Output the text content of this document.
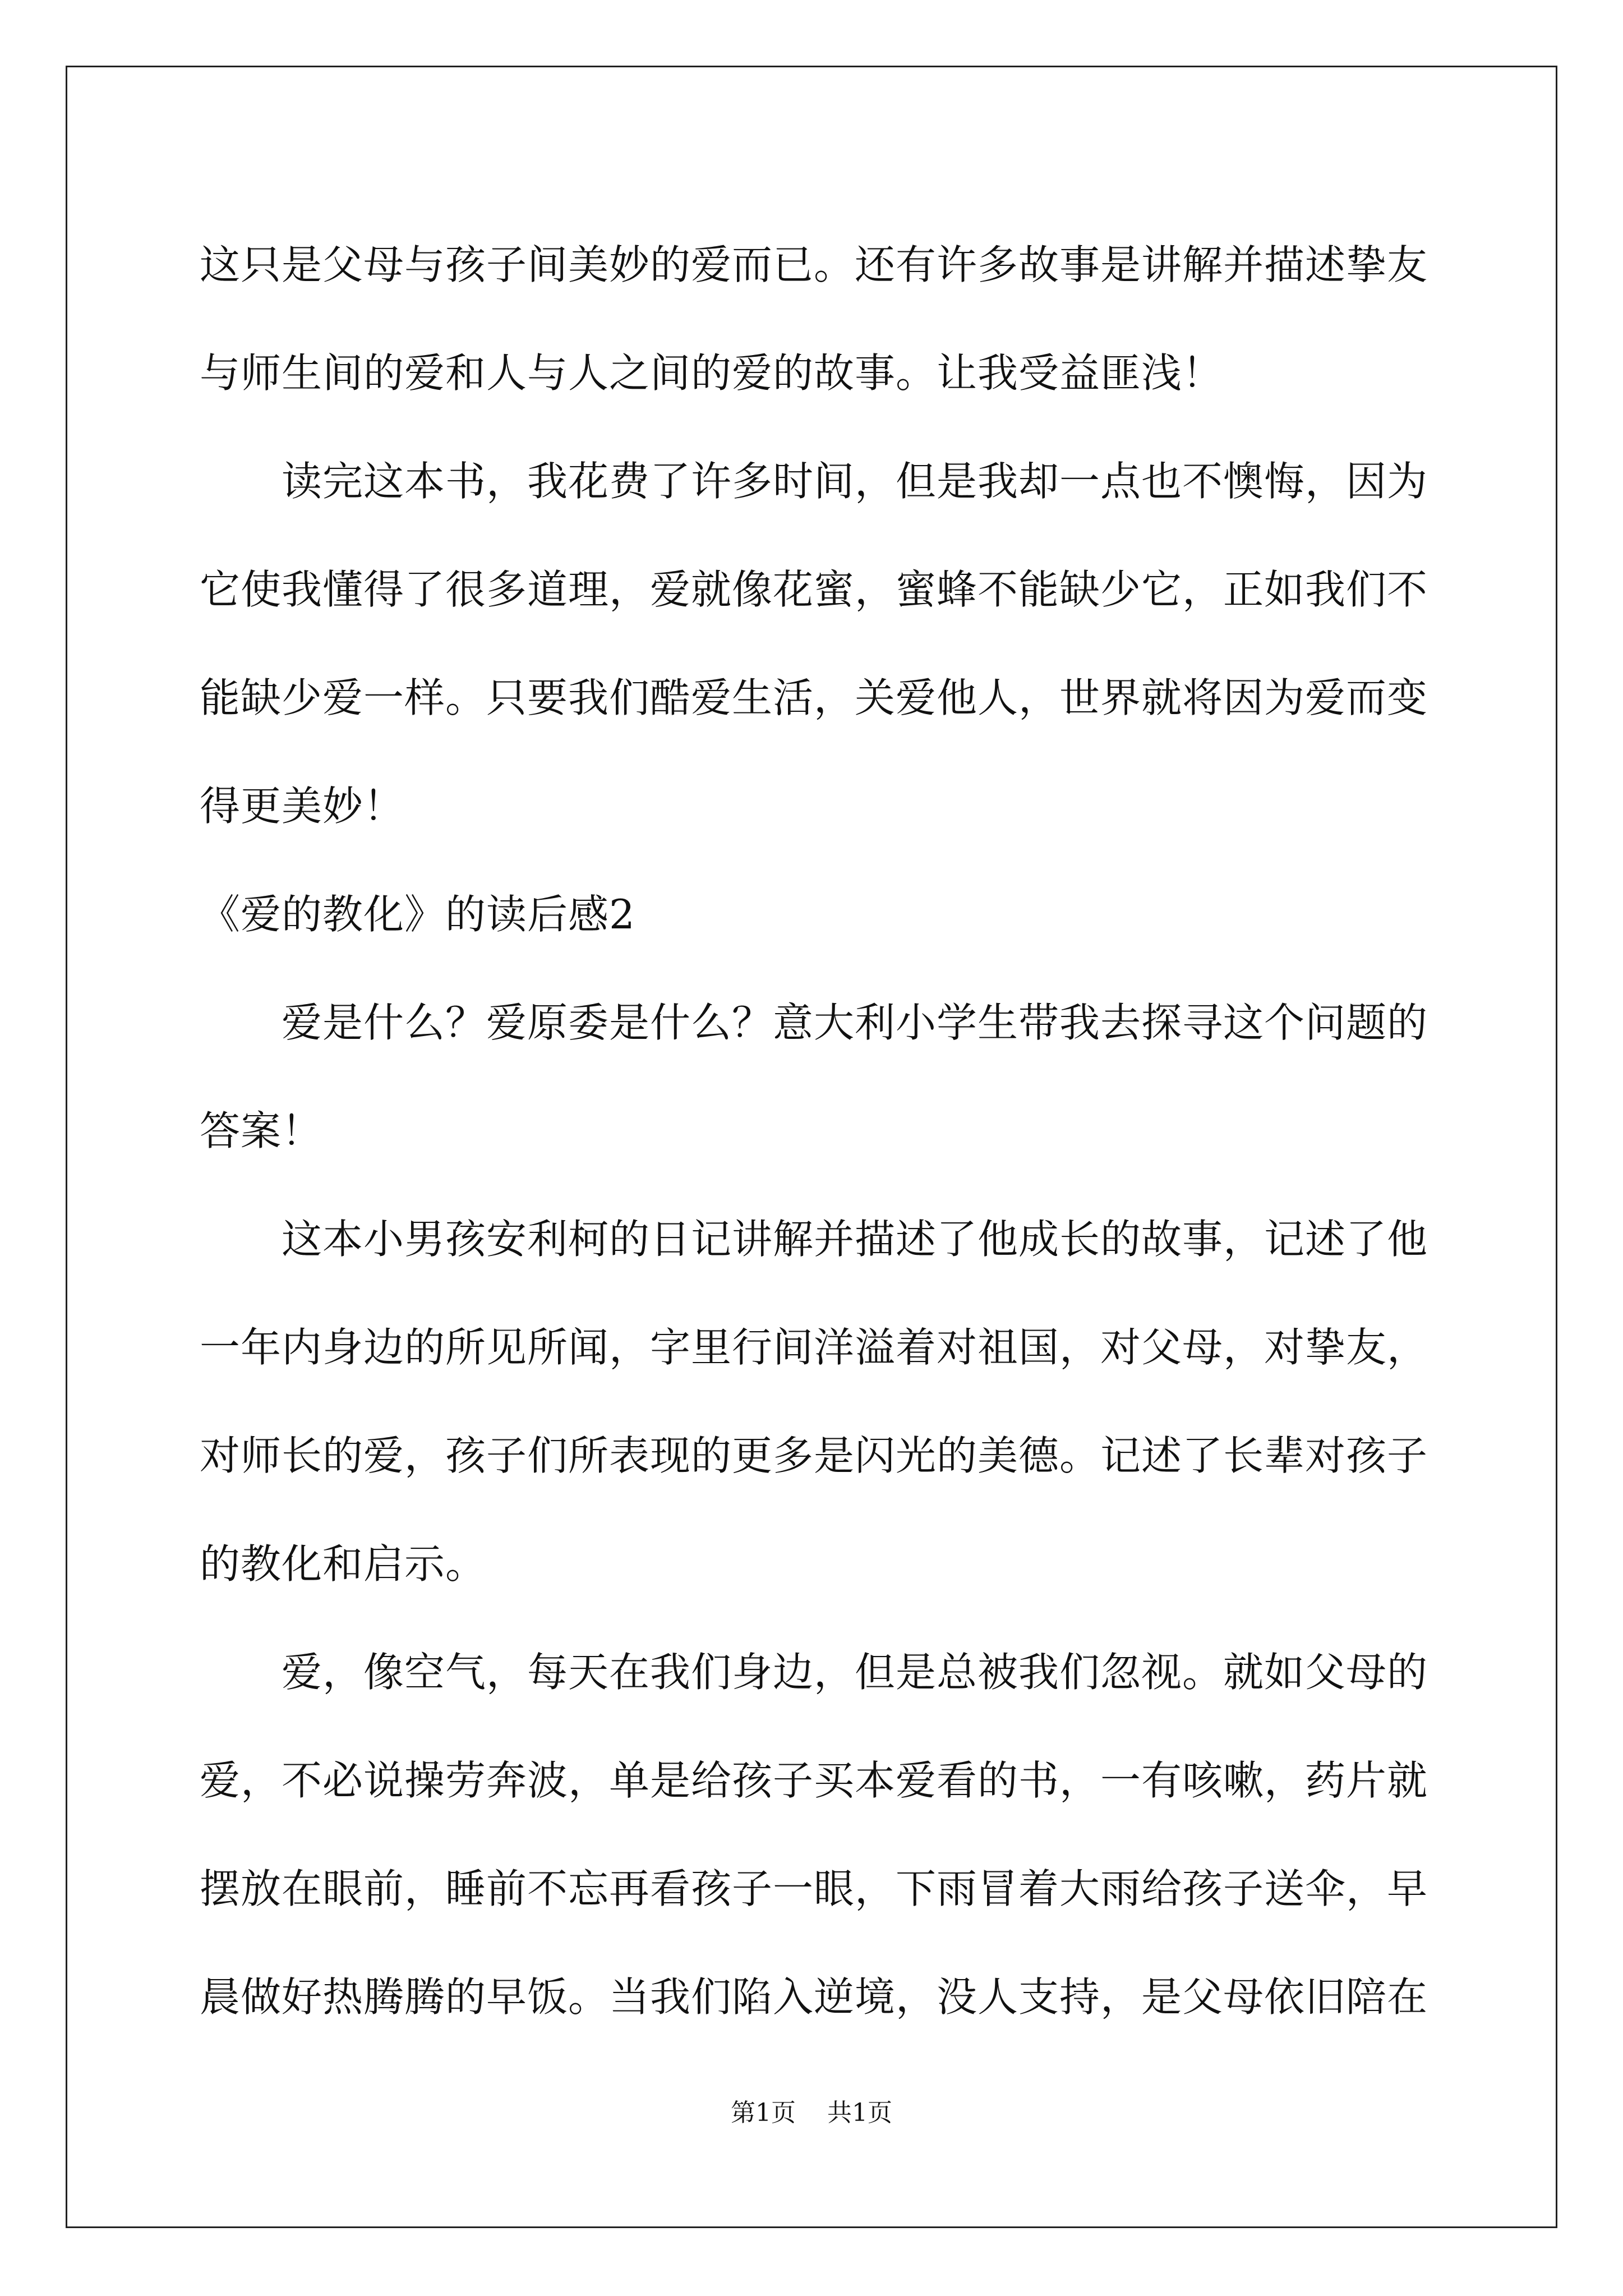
这只是父母与孩子间美妙的爱而已。还有许多故事是讲解并描述挚友与师生间的爱和人与人之间的爱的故事。让我受益匪浅！

读完这本书，我花费了许多时间，但是我却一点也不懊悔，因为它使我懂得了很多道理，爱就像花蜜，蜜蜂不能缺少它，正如我们不能缺少爱一样。只要我们酷爱生活，关爱他人，世界就将因为爱而变得更美妙！

《爱的教化》的读后感2

爱是什么？爱原委是什么？意大利小学生带我去探寻这个问题的答案！

这本小男孩安利柯的日记讲解并描述了他成长的故事，记述了他一年内身边的所见所闻，字里行间洋溢着对祖国，对父母，对挚友，对师长的爱，孩子们所表现的更多是闪光的美德。记述了长辈对孩子的教化和启示。

爱，像空气，每天在我们身边，但是总被我们忽视。就如父母的爱，不必说操劳奔波，单是给孩子买本爱看的书，一有咳嗽，药片就摆放在眼前，睡前不忘再看孩子一眼，下雨冒着大雨给孩子送伞，早晨做好热腾腾的早饭。当我们陷入逆境，没人支持，是父母依旧陪在

第1页 共1页
